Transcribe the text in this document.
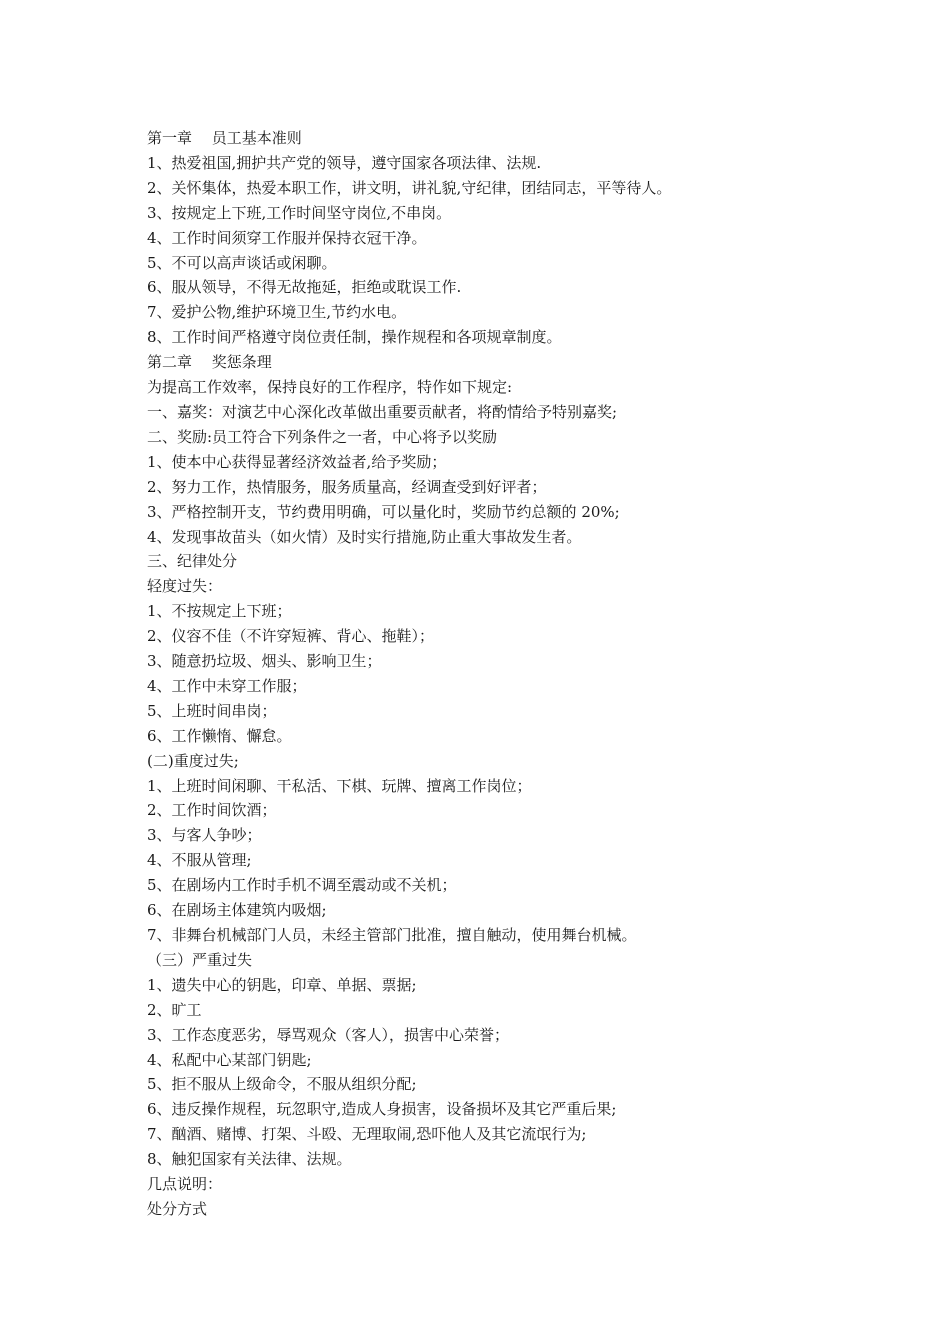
第一章　 员工基本准则

1、热爱祖国,拥护共产党的领导，遵守国家各项法律、法规.

2、关怀集体，热爱本职工作，讲文明，讲礼貌,守纪律，团结同志，平等待人。

3、按规定上下班,工作时间坚守岗位,不串岗。

4、工作时间须穿工作服并保持衣冠干净。

5、不可以高声谈话或闲聊。

6、服从领导，不得无故拖延，拒绝或耽误工作.

7、爱护公物,维护环境卫生,节约水电。

8、工作时间严格遵守岗位责任制，操作规程和各项规章制度。

第二章　 奖惩条理

为提高工作效率，保持良好的工作程序，特作如下规定:

一、嘉奖：对演艺中心深化改革做出重要贡献者，将酌情给予特别嘉奖;

二、奖励:员工符合下列条件之一者，中心将予以奖励

1、使本中心获得显著经济效益者,给予奖励；

2、努力工作，热情服务，服务质量高，经调查受到好评者；

3、严格控制开支，节约费用明确，可以量化时，奖励节约总额的 20%;

4、发现事故苗头（如火情）及时实行措施,防止重大事故发生者。

三、纪律处分

轻度过失：

1、不按规定上下班；

2、仪容不佳（不许穿短裤、背心、拖鞋）；

3、随意扔垃圾、烟头、影响卫生；

4、工作中未穿工作服；

5、上班时间串岗；

6、工作懒惰、懈怠。

(二)重度过失;

1、上班时间闲聊、干私活、下棋、玩牌、擅离工作岗位；

2、工作时间饮酒；

3、与客人争吵；

4、不服从管理;

5、在剧场内工作时手机不调至震动或不关机；

6、在剧场主体建筑内吸烟;

7、非舞台机械部门人员，未经主管部门批准，擅自触动，使用舞台机械。

（三）严重过失

1、遗失中心的钥匙，印章、单据、票据;

2、旷工

3、工作态度恶劣，辱骂观众（客人），损害中心荣誉；

4、私配中心某部门钥匙;

5、拒不服从上级命令，不服从组织分配;

6、违反操作规程，玩忽职守,造成人身损害，设备损坏及其它严重后果;

7、酗酒、赌博、打架、斗殴、无理取闹,恐吓他人及其它流氓行为;

8、触犯国家有关法律、法规。

几点说明：

处分方式
